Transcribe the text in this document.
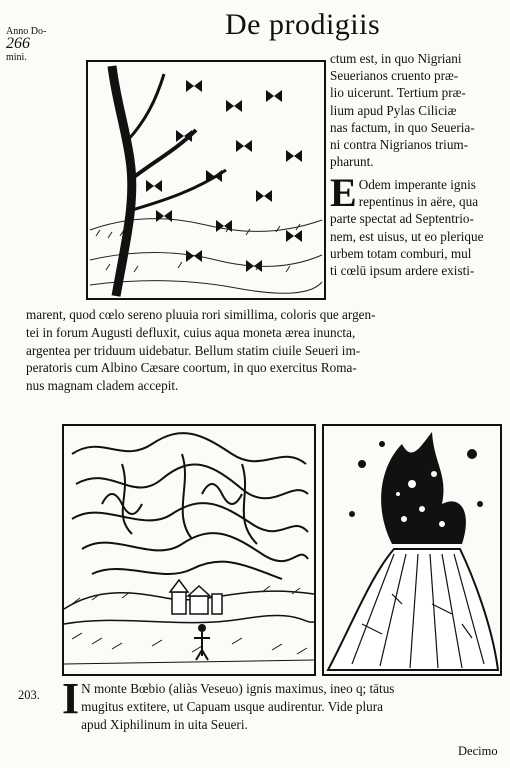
Anno Do- 266
mini.
De prodigiis
ctum est, in quo Nigriani
Seuerianos cruento præ-
lio uicerunt. Tertium præ-
lium apud Pylas Ciliciæ
nas factum, in quo Seueria-
ni contra Nigrianos trium-
pharunt.
E Odem imperante ignis
repentinus in aëre, qua
parte spectat ad Septentrio-
nem, est uisus, ut eo plerique
urbem totam comburi, mul
ti cœlū ipsum ardere existi-
marent, quod cœlo sereno pluuia rori simillima, coloris que argen-
tei in forum Augusti defluxit, cuius aqua moneta ærea inuncta,
argentea per triduum uidebatur. Bellum statim ciuile Seueri im-
peratoris cum Albino Cæsare coortum, in quo exercitus Roma-
nus magnam cladem accepit.
203. I N monte Bœbio (aliàs Veseuo) ignis maximus, ineo q; tātus
mugitus extitere, ut Capuam usque audirentur. Vide plura
apud Xiphilinum in uita Seueri.
Decimo
